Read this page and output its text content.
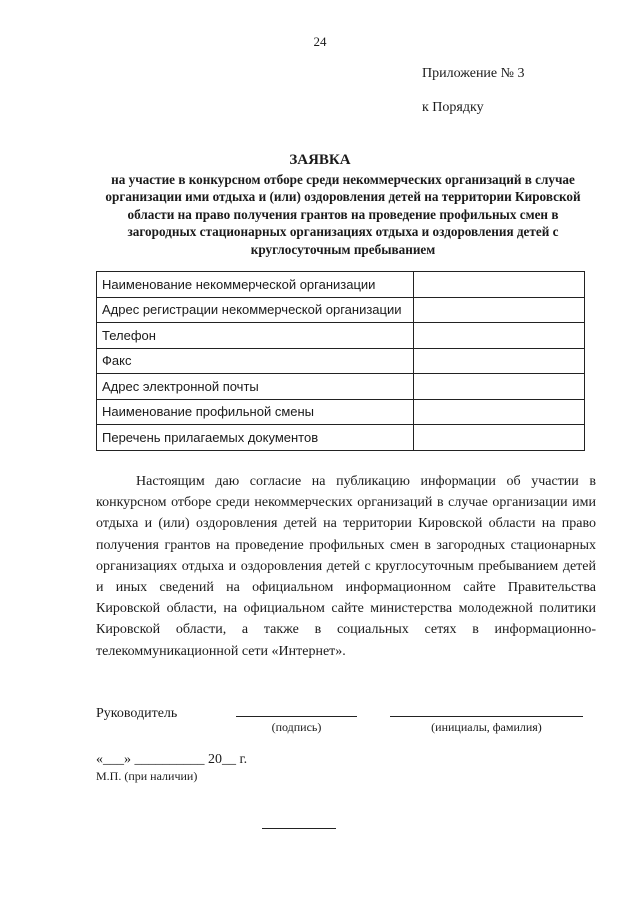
24
Приложение № 3
к Порядку
ЗАЯВКА
на участие в конкурсном отборе среди некоммерческих организаций в случае организации ими отдыха и (или) оздоровления детей на территории Кировской области на право получения грантов на проведение профильных смен в загородных стационарных организациях отдыха и оздоровления детей с круглосуточным пребыванием
Наименование некоммерческой организации	
Адрес регистрации некоммерческой организации	
Телефон	
Факс	
Адрес электронной почты	
Наименование профильной смены	
Перечень прилагаемых документов	

Настоящим даю согласие на публикацию информации об участии в конкурсном отборе среди некоммерческих организаций в случае организации ими отдыха и (или) оздоровления детей на территории Кировской области на право получения грантов на проведение профильных смен в загородных стационарных организациях отдыха и оздоровления детей с круглосуточным пребыванием детей и иных сведений на официальном информационном сайте Правительства Кировской области, на официальном сайте министерства молодежной политики Кировской области, а также в социальных сетях в информационно-телекоммуникационной сети «Интернет».

Руководитель
(подпись)	(инициалы, фамилия)
«___» __________ 20__ г.
М.П. (при наличии)
